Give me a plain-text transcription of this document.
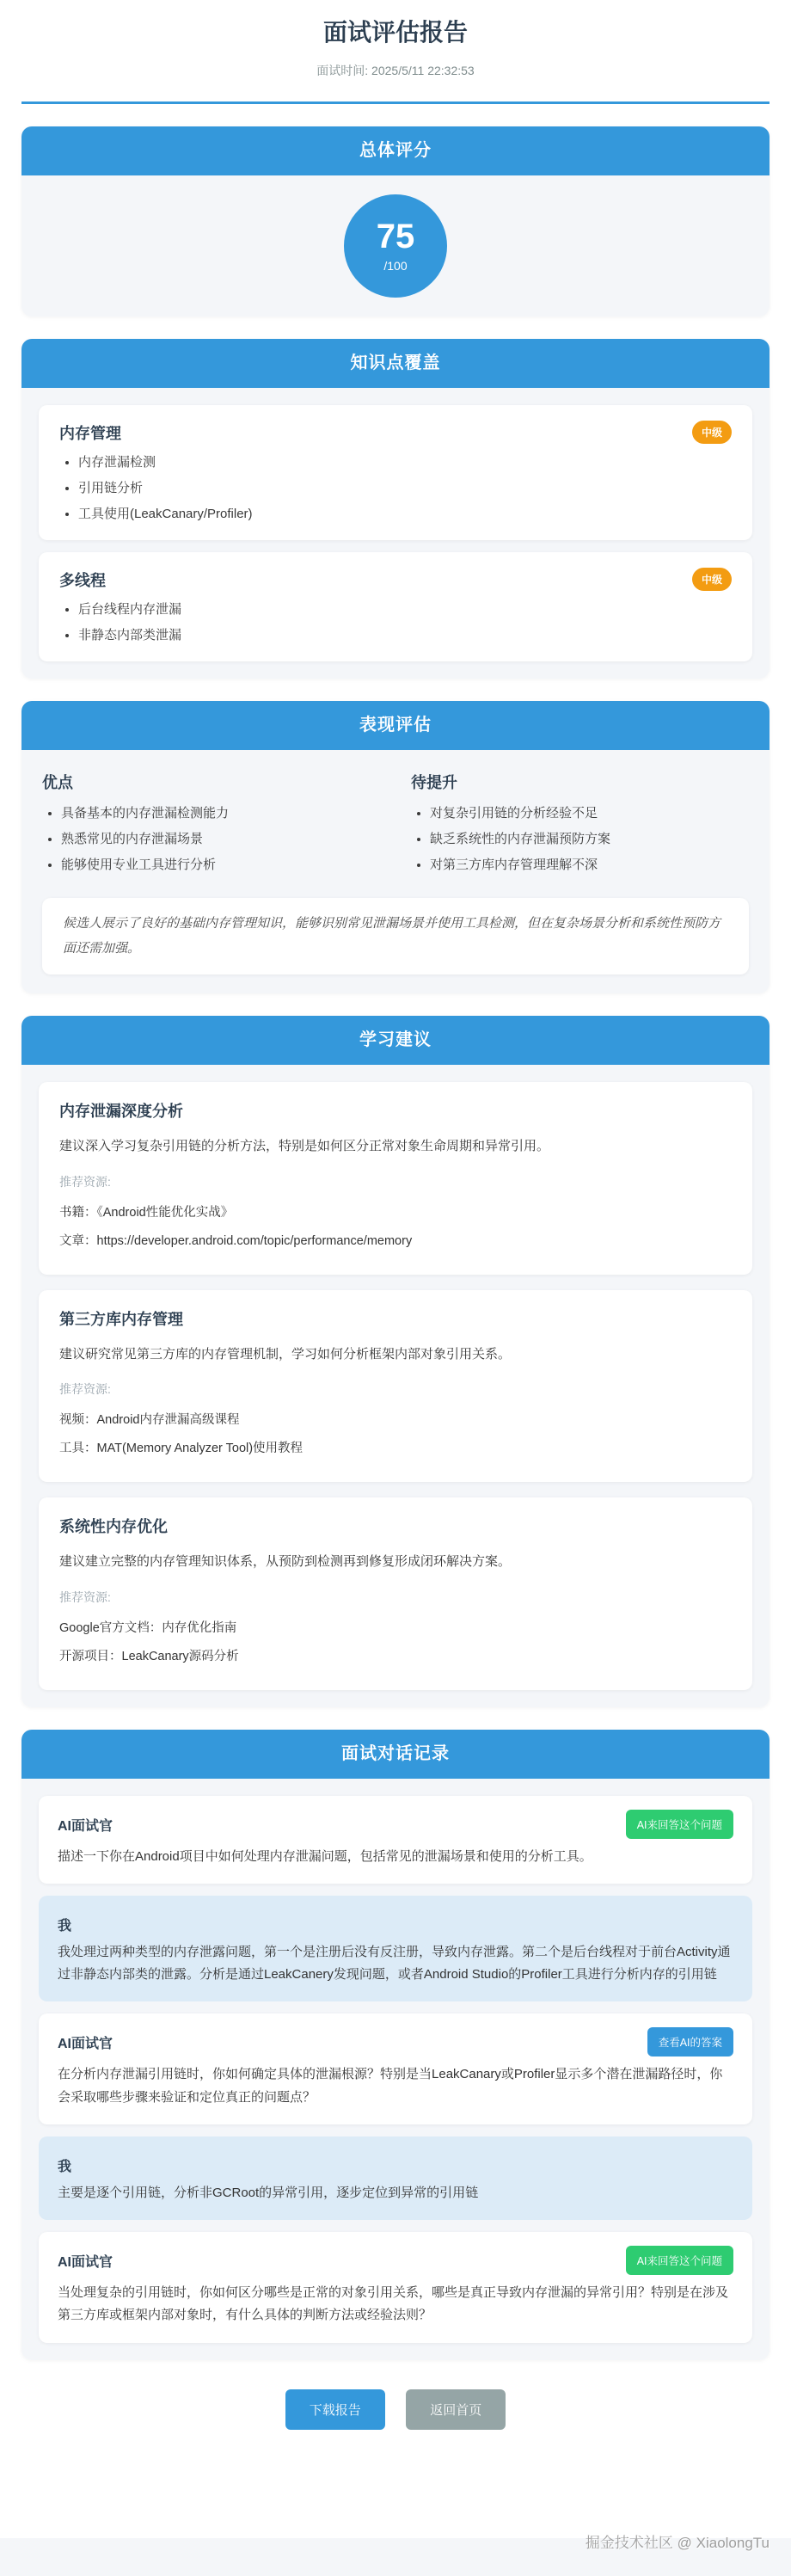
面试评估报告
面试时间: 2025/5/11 22:32:53
总体评分
75
/100
知识点覆盖
内存管理	中级
• 内存泄漏检测
• 引用链分析
• 工具使用(LeakCanary/Profiler)
多线程	中级
• 后台线程内存泄漏
• 非静态内部类泄漏
表现评估
优点
• 具备基本的内存泄漏检测能力
• 熟悉常见的内存泄漏场景
• 能够使用专业工具进行分析
待提升
• 对复杂引用链的分析经验不足
• 缺乏系统性的内存泄漏预防方案
• 对第三方库内存管理理解不深
候选人展示了良好的基础内存管理知识，能够识别常见泄漏场景并使用工具检测，但在复杂场景分析和系统性预防方面还需加强。
学习建议
内存泄漏深度分析

建议深入学习复杂引用链的分析方法，特别是如何区分正常对象生命周期和异常引用。

推荐资源:
书籍：《Android性能优化实战》
文章：https://developer.android.com/topic/performance/memory
第三方库内存管理

建议研究常见第三方库的内存管理机制，学习如何分析框架内部对象引用关系。

推荐资源:
视频：Android内存泄漏高级课程
工具：MAT(Memory Analyzer Tool)使用教程
系统性内存优化

建议建立完整的内存管理知识体系，从预防到检测再到修复形成闭环解决方案。

推荐资源:
Google官方文档：内存优化指南
开源项目：LeakCanary源码分析
面试对话记录
AI面试官	AI来回答这个问题

描述一下你在Android项目中如何处理内存泄漏问题，包括常见的泄漏场景和使用的分析工具。

我

我处理过两种类型的内存泄露问题，第一个是注册后没有反注册，导致内存泄露。第二个是后台线程对于前台Activity通过非静态内部类的泄露。分析是通过LeakCanery发现问题，或者Android Studio的Profiler工具进行分析内存的引用链

AI面试官	查看AI的答案

在分析内存泄漏引用链时，你如何确定具体的泄漏根源？特别是当LeakCanary或Profiler显示多个潜在泄漏路径时，你会采取哪些步骤来验证和定位真正的问题点？

我

主要是逐个引用链，分析非GCRoot的异常引用，逐步定位到异常的引用链

AI面试官	AI来回答这个问题

当处理复杂的引用链时，你如何区分哪些是正常的对象引用关系，哪些是真正导致内存泄漏的异常引用？特别是在涉及第三方库或框架内部对象时，有什么具体的判断方法或经验法则？

下载报告	返回首页
掘金技术社区 @ XiaolongTu
